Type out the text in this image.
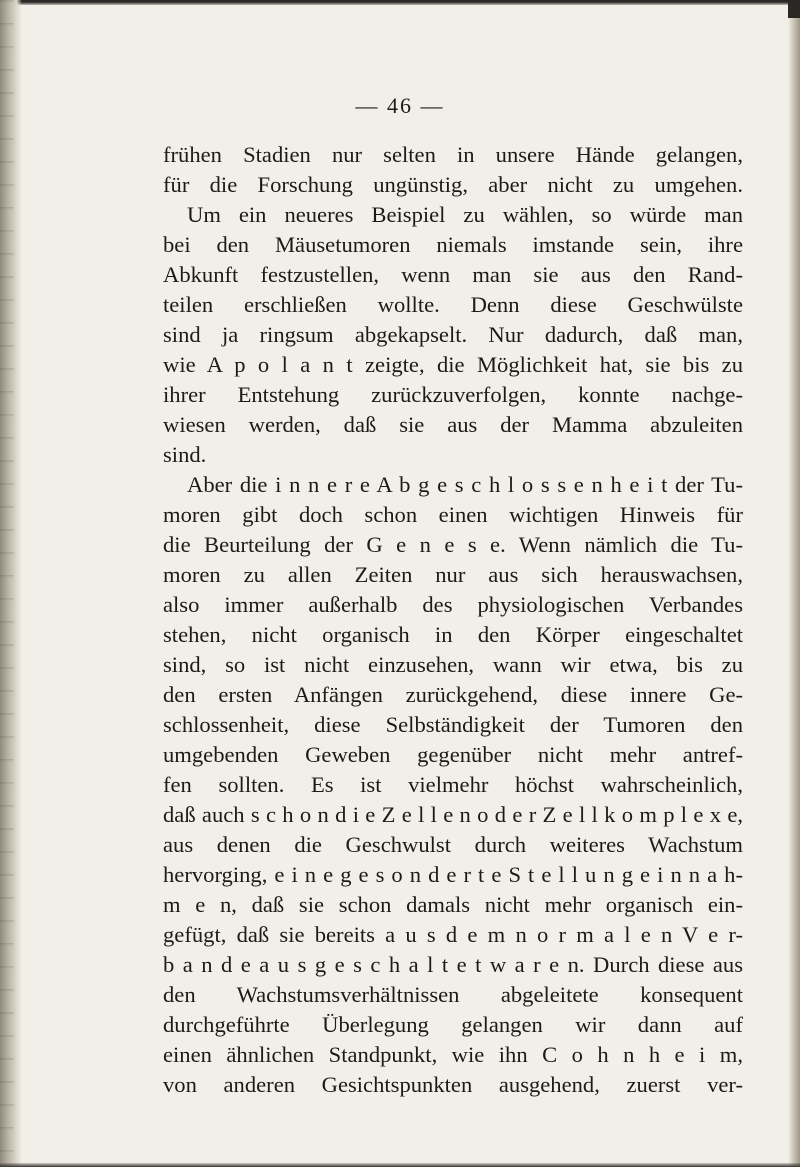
— 46 —
frühen Stadien nur selten in unsere Hände gelangen,
für die Forschung ungünstig, aber nicht zu umgehen.
Um ein neueres Beispiel zu wählen, so würde man
bei den Mäusetumoren niemals imstande sein, ihre
Abkunft festzustellen, wenn man sie aus den Rand-
teilen erschließen wollte. Denn diese Geschwülste
sind ja ringsum abgekapselt. Nur dadurch, daß man,
wie A p o l a n t zeigte, die Möglichkeit hat, sie bis zu
ihrer Entstehung zurückzuverfolgen, konnte nachge-
wiesen werden, daß sie aus der Mamma abzuleiten
sind.
Aber die i n n e r e A b g e s c h l o s s e n h e i t der Tu-
moren gibt doch schon einen wichtigen Hinweis für
die Beurteilung der G e n e s e. Wenn nämlich die Tu-
moren zu allen Zeiten nur aus sich herauswachsen,
also immer außerhalb des physiologischen Verbandes
stehen, nicht organisch in den Körper eingeschaltet
sind, so ist nicht einzusehen, wann wir etwa, bis zu
den ersten Anfängen zurückgehend, diese innere Ge-
schlossenheit, diese Selbständigkeit der Tumoren den
umgebenden Geweben gegenüber nicht mehr antref-
fen sollten. Es ist vielmehr höchst wahrscheinlich,
daß auch s c h o n d i e Z e l l e n o d e r Z e l l k o m p l e x e,
aus denen die Geschwulst durch weiteres Wachstum
hervorging, e i n e g e s o n d e r t e S t e l l u n g e i n n a h-
m e n, daß sie schon damals nicht mehr organisch ein-
gefügt, daß sie bereits a u s d e m n o r m a l e n V e r-
b a n d e a u s g e s c h a l t e t w a r e n. Durch diese aus
den Wachstumsverhältnissen abgeleitete konsequent
durchgeführte Überlegung gelangen wir dann auf
einen ähnlichen Standpunkt, wie ihn C o h n h e i m,
von anderen Gesichtspunkten ausgehend, zuerst ver-
